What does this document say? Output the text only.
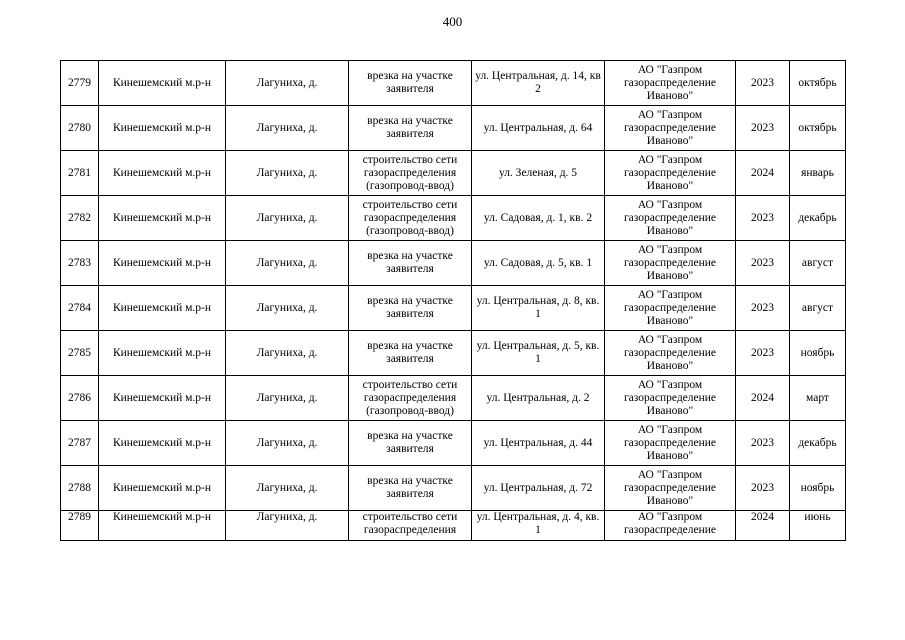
400
2779	Кинешемский м.р-н	Лагуниха, д.	врезка на участке заявителя	ул. Центральная, д. 14, кв 2	АО "Газпром газораспределение Иваново"	2023	октябрь
2780	Кинешемский м.р-н	Лагуниха, д.	врезка на участке заявителя	ул. Центральная, д. 64	АО "Газпром газораспределение Иваново"	2023	октябрь
2781	Кинешемский м.р-н	Лагуниха, д.	строительство сети газораспределения (газопровод-ввод)	ул. Зеленая, д. 5	АО "Газпром газораспределение Иваново"	2024	январь
2782	Кинешемский м.р-н	Лагуниха, д.	строительство сети газораспределения (газопровод-ввод)	ул. Садовая, д. 1, кв. 2	АО "Газпром газораспределение Иваново"	2023	декабрь
2783	Кинешемский м.р-н	Лагуниха, д.	врезка на участке заявителя	ул. Садовая, д. 5, кв. 1	АО "Газпром газораспределение Иваново"	2023	август
2784	Кинешемский м.р-н	Лагуниха, д.	врезка на участке заявителя	ул. Центральная, д. 8, кв. 1	АО "Газпром газораспределение Иваново"	2023	август
2785	Кинешемский м.р-н	Лагуниха, д.	врезка на участке заявителя	ул. Центральная, д. 5, кв. 1	АО "Газпром газораспределение Иваново"	2023	ноябрь
2786	Кинешемский м.р-н	Лагуниха, д.	строительство сети газораспределения (газопровод-ввод)	ул. Центральная, д. 2	АО "Газпром газораспределение Иваново"	2024	март
2787	Кинешемский м.р-н	Лагуниха, д.	врезка на участке заявителя	ул. Центральная, д. 44	АО "Газпром газораспределение Иваново"	2023	декабрь
2788	Кинешемский м.р-н	Лагуниха, д.	врезка на участке заявителя	ул. Центральная, д. 72	АО "Газпром газораспределение Иваново"	2023	ноябрь
2789	Кинешемский м.р-н	Лагуниха, д.	строительство сети газораспределения	ул. Центральная, д. 4, кв. 1	АО "Газпром газораспределение	2024	июнь
